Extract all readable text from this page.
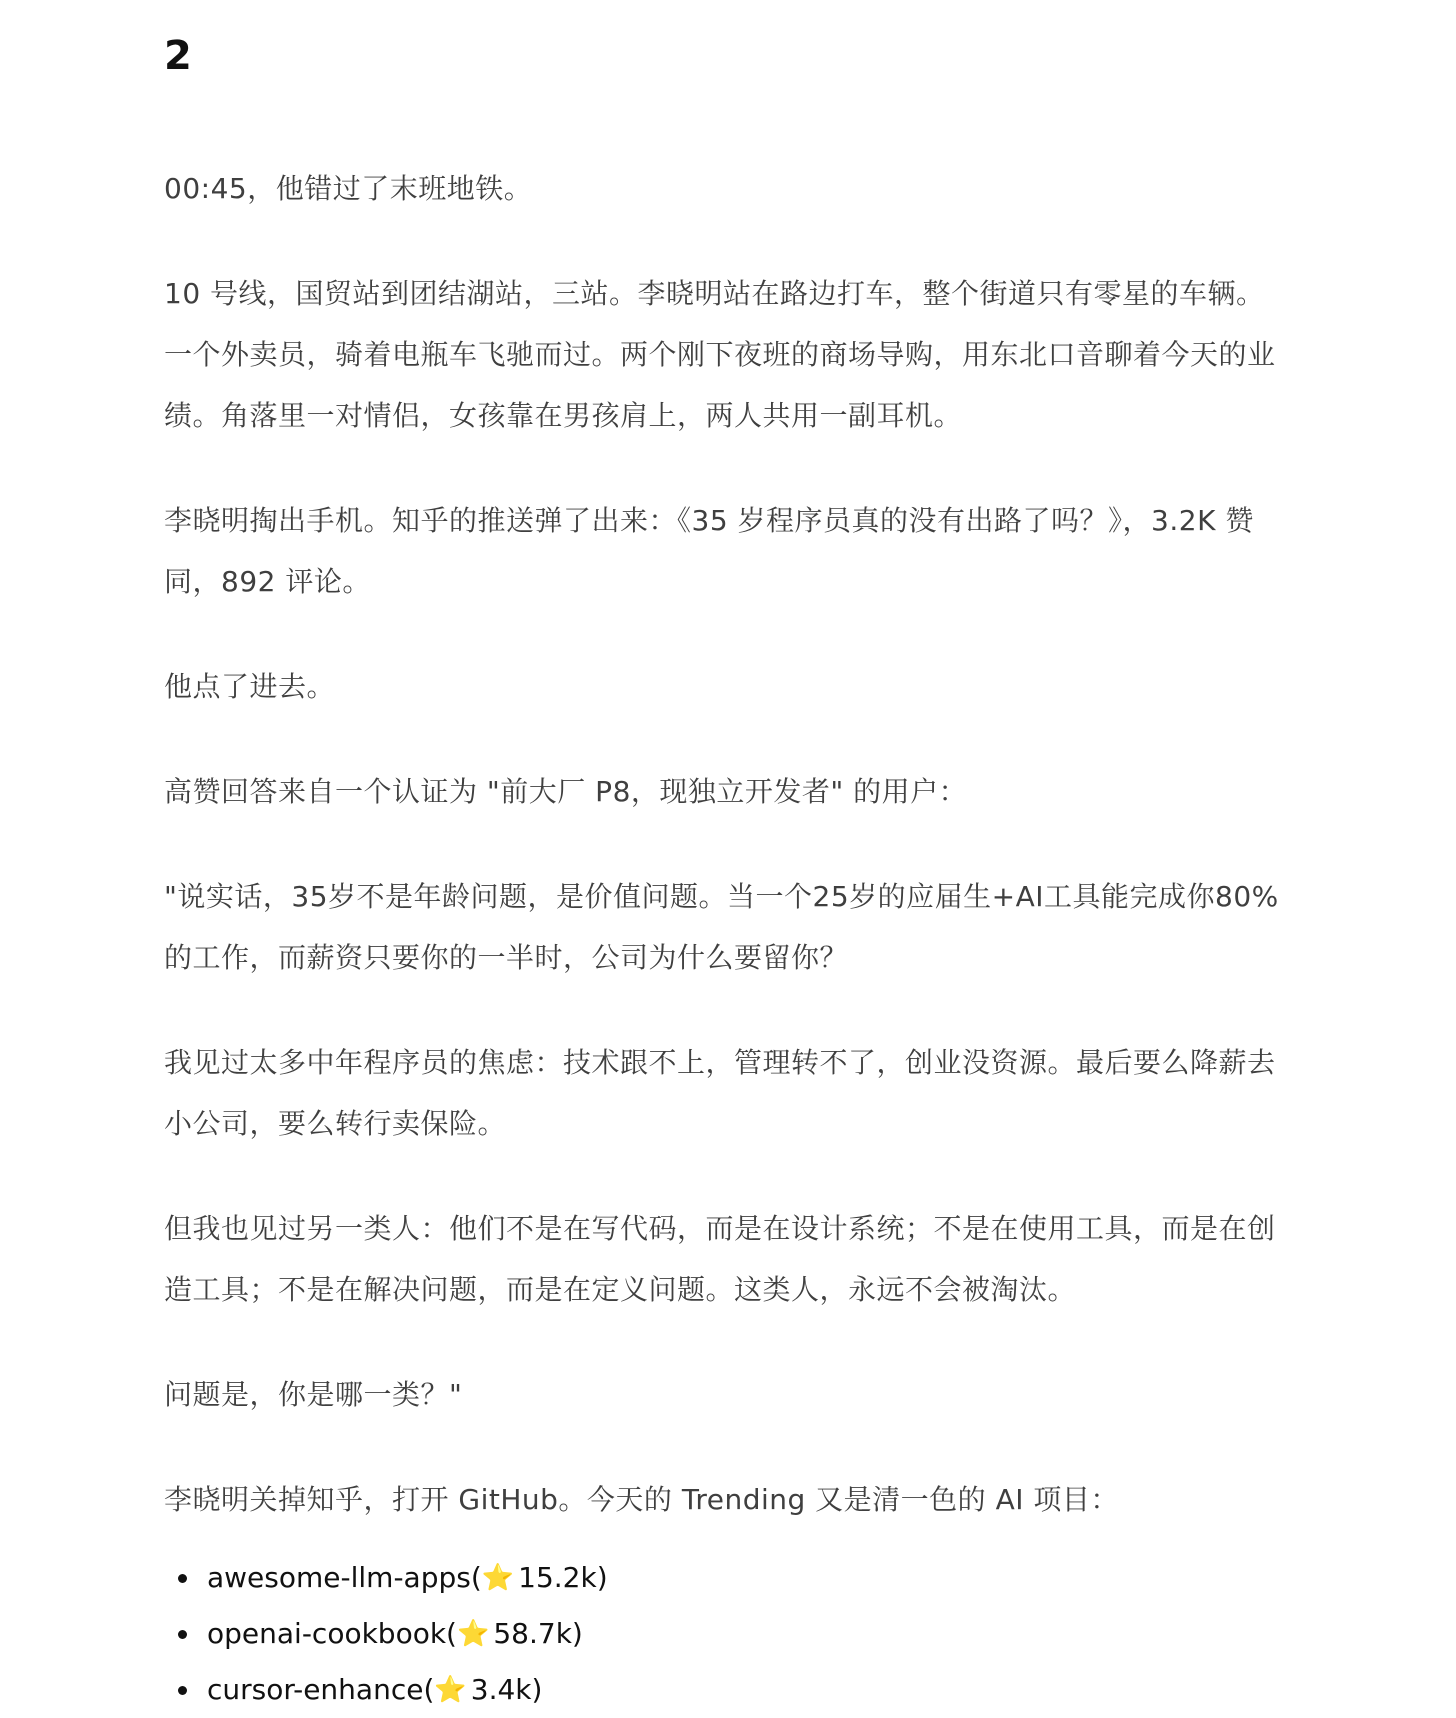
2

00:45，他错过了末班地铁。

10 号线，国贸站到团结湖站，三站。李晓明站在路边打车，整个街道只有零星的车辆。一个外卖员，骑着电瓶车飞驰而过。两个刚下夜班的商场导购，用东北口音聊着今天的业绩。角落里一对情侣，女孩靠在男孩肩上，两人共用一副耳机。

李晓明掏出手机。知乎的推送弹了出来：《35 岁程序员真的没有出路了吗？》，3.2K 赞同，892 评论。

他点了进去。

高赞回答来自一个认证为 "前大厂 P8，现独立开发者" 的用户：

"说实话，35岁不是年龄问题，是价值问题。当一个25岁的应届生+AI工具能完成你80%的工作，而薪资只要你的一半时，公司为什么要留你？

我见过太多中年程序员的焦虑：技术跟不上，管理转不了，创业没资源。最后要么降薪去小公司，要么转行卖保险。

但我也见过另一类人：他们不是在写代码，而是在设计系统；不是在使用工具，而是在创造工具；不是在解决问题，而是在定义问题。这类人，永远不会被淘汰。

问题是，你是哪一类？"

李晓明关掉知乎，打开 GitHub。今天的 Trending 又是清一色的 AI 项目：

awesome-llm-apps ( ⭐ 15.2k )
openai-cookbook ( ⭐ 58.7k )
cursor-enhance ( ⭐ 3.4k )
